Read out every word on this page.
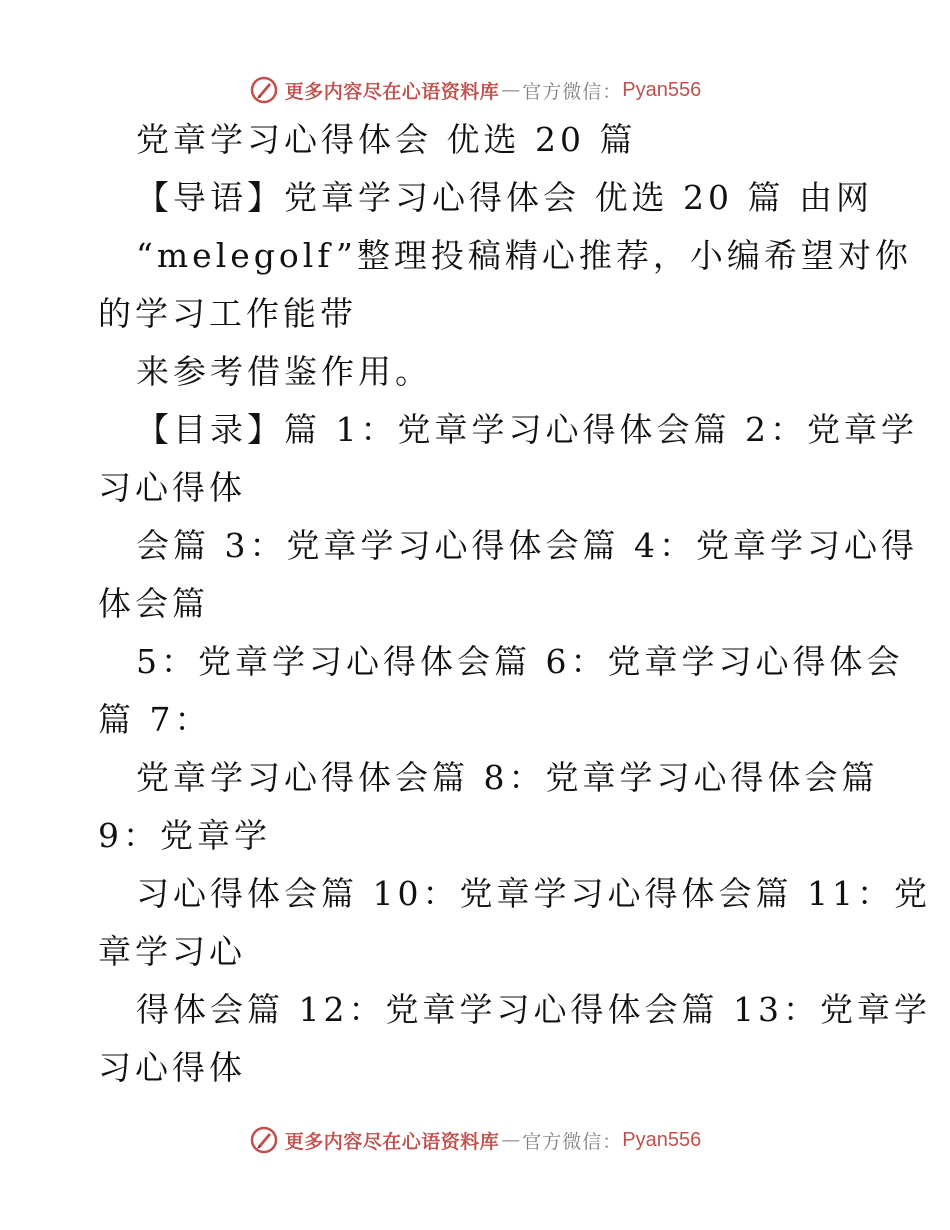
更多内容尽在心语资料库 — 官方微信： Pyan556
党章学习心得体会 优选 20 篇
【导语】党章学习心得体会 优选 20 篇 由网
“melegolf”整理投稿精心推荐，小编希望对你
的学习工作能带
来参考借鉴作用。
【目录】篇 1：党章学习心得体会篇 2：党章学
习心得体
会篇 3：党章学习心得体会篇 4：党章学习心得
体会篇
5：党章学习心得体会篇 6：党章学习心得体会
篇 7：
党章学习心得体会篇 8：党章学习心得体会篇
9：党章学
习心得体会篇 10：党章学习心得体会篇 11：党
章学习心
得体会篇 12：党章学习心得体会篇 13：党章学
习心得体
更多内容尽在心语资料库 — 官方微信： Pyan556
